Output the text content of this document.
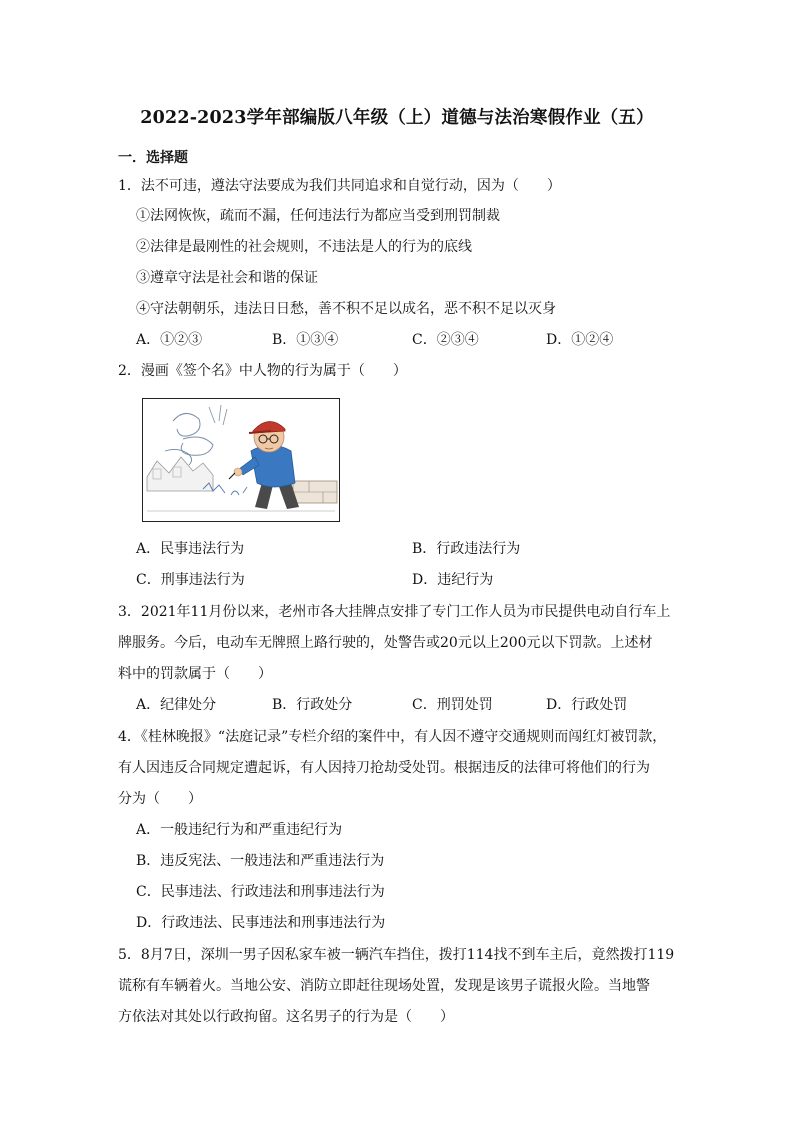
2022-2023学年部编版八年级（上）道德与法治寒假作业（五）
一．选择题
1．法不可违，遵法守法要成为我们共同追求和自觉行动，因为（　　）
①法网恢恢，疏而不漏，任何违法行为都应当受到刑罚制裁
②法律是最刚性的社会规则，不违法是人的行为的底线
③遵章守法是社会和谐的保证
④守法朝朝乐，违法日日愁，善不积不足以成名，恶不积不足以灭身
A．①②③	B．①③④	C．②③④	D．①②④
2．漫画《签个名》中人物的行为属于（　　）
A．民事违法行为	B．行政违法行为
C．刑事违法行为	D．违纪行为
3．2021年11月份以来，老州市各大挂牌点安排了专门工作人员为市民提供电动自行车上
牌服务。今后，电动车无牌照上路行驶的，处警告或20元以上200元以下罚款。上述材
料中的罚款属于（　　）
A．纪律处分	B．行政处分	C．刑罚处罚	D．行政处罚
4．《桂林晚报》“法庭记录”专栏介绍的案件中，有人因不遵守交通规则而闯红灯被罚款，
有人因违反合同规定遭起诉，有人因持刀抢劫受处罚。根据违反的法律可将他们的行为
分为（　　）
A．一般违纪行为和严重违纪行为
B．违反宪法、一般违法和严重违法行为
C．民事违法、行政违法和刑事违法行为
D．行政违法、民事违法和刑事违法行为
5．8月7日，深圳一男子因私家车被一辆汽车挡住，拨打114找不到车主后，竟然拨打119
谎称有车辆着火。当地公安、消防立即赶往现场处置，发现是该男子谎报火险。当地警
方依法对其处以行政拘留。这名男子的行为是（　　）
